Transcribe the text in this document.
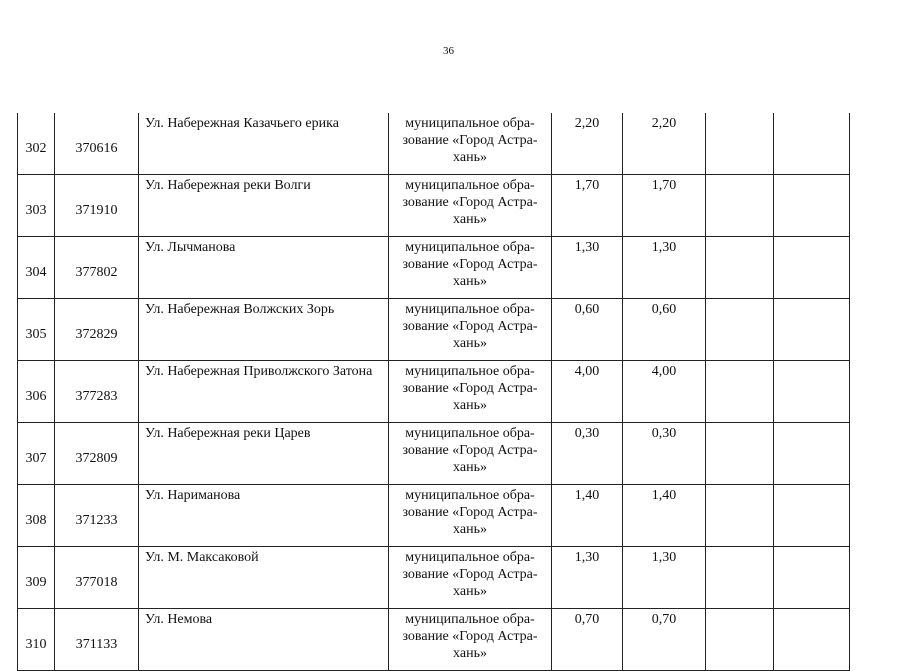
36
302	370616	Ул. Набережная Казачьего ерика	муниципальное обра-
зование «Город Астра-
хань»	2,20	2,20		
303	371910	Ул. Набережная реки Волги	муниципальное обра-
зование «Город Астра-
хань»	1,70	1,70		
304	377802	Ул. Лычманова	муниципальное обра-
зование «Город Астра-
хань»	1,30	1,30		
305	372829	Ул. Набережная Волжских Зорь	муниципальное обра-
зование «Город Астра-
хань»	0,60	0,60		
306	377283	Ул. Набережная Приволжского Затона	муниципальное обра-
зование «Город Астра-
хань»	4,00	4,00		
307	372809	Ул. Набережная реки Царев	муниципальное обра-
зование «Город Астра-
хань»	0,30	0,30		
308	371233	Ул. Нариманова	муниципальное обра-
зование «Город Астра-
хань»	1,40	1,40		
309	377018	Ул. М. Максаковой	муниципальное обра-
зование «Город Астра-
хань»	1,30	1,30		
310	371133	Ул. Немова	муниципальное обра-
зование «Город Астра-
хань»	0,70	0,70		
